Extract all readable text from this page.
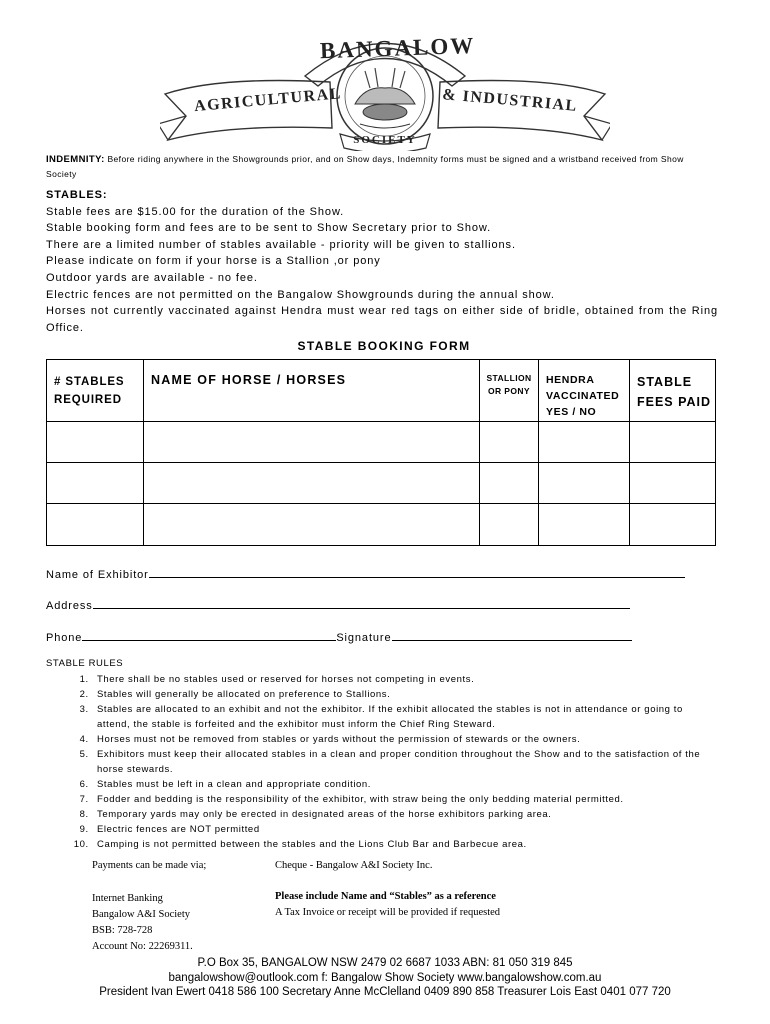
BANGALOW
AGRICULTURAL	& INDUSTRIAL
SOCIETY
INDEMNITY: Before riding anywhere in the Showgrounds prior, and on Show days, Indemnity forms must be signed and a wristband received from Show Society
STABLES:
Stable fees are $15.00 for the duration of the Show.
Stable booking form and fees are to be sent to Show Secretary prior to Show.
There are a limited number of stables available - priority will be given to stallions.
Please indicate on form if your horse is a Stallion ,or pony
Outdoor yards are available - no fee.
Electric fences are not permitted on the Bangalow Showgrounds during the annual show.
Horses not currently vaccinated against Hendra must wear red tags on either side of bridle, obtained from the Ring Office.
STABLE BOOKING FORM
# STABLES REQUIRED	NAME OF HORSE / HORSES	STALLION OR PONY	HENDRA VACCINATED YES / NO	STABLE FEES PAID

Name of Exhibitor
Address
Phone	Signature
STABLE RULES
1. There shall be no stables used or reserved for horses not competing in events.
2. Stables will generally be allocated on preference to Stallions.
3. Stables are allocated to an exhibit and not the exhibitor. If the exhibit allocated the stables is not in attendance or going to attend, the stable is forfeited and the exhibitor must inform the Chief Ring Steward.
4. Horses must not be removed from stables or yards without the permission of stewards or the owners.
5. Exhibitors must keep their allocated stables in a clean and proper condition throughout the Show and to the satisfaction of the horse stewards.
6. Stables must be left in a clean and appropriate condition.
7. Fodder and bedding is the responsibility of the exhibitor, with straw being the only bedding material permitted.
8. Temporary yards may only be erected in designated areas of the horse exhibitors parking area.
9. Electric fences are NOT permitted
10. Camping is not permitted between the stables and the Lions Club Bar and Barbecue area.
Payments can be made via;	Cheque - Bangalow A&I Society Inc.
Internet Banking
Bangalow A&I Society
BSB: 728-728
Account No: 22269311.
Please include Name and “Stables” as a reference
A Tax Invoice or receipt will be provided if requested
P.O Box 35, BANGALOW NSW 2479 02 6687 1033 ABN: 81 050 319 845
bangalowshow@outlook.com f: Bangalow Show Society www.bangalowshow.com.au
President Ivan Ewert 0418 586 100 Secretary Anne McClelland 0409 890 858 Treasurer Lois East 0401 077 720
